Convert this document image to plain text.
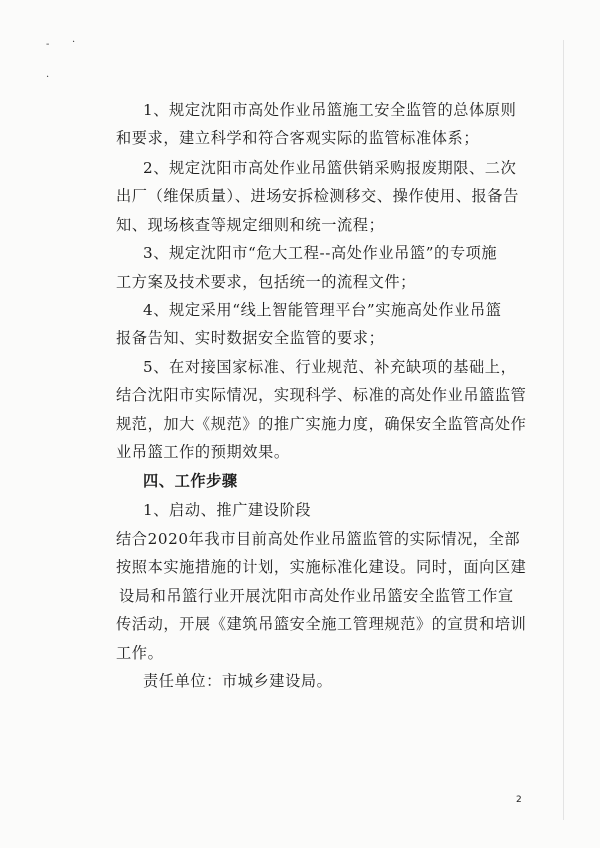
- ·
·
1、规定沈阳市高处作业吊篮施工安全监管的总体原则
和要求，建立科学和符合客观实际的监管标准体系；
2、规定沈阳市高处作业吊篮供销采购报废期限、二次
出厂（维保质量）、进场安拆检测移交、操作使用、报备告
知、现场核查等规定细则和统一流程；
3、规定沈阳市“危大工程--高处作业吊篮”的专项施
工方案及技术要求，包括统一的流程文件；
4、规定采用“线上智能管理平台”实施高处作业吊篮
报备告知、实时数据安全监管的要求；
5、在对接国家标准、行业规范、补充缺项的基础上，
结合沈阳市实际情况，实现科学、标准的高处作业吊篮监管
规范，加大《规范》的推广实施力度，确保安全监管高处作
业吊篮工作的预期效果。
四、工作步骤
1、启动、推广建设阶段
结合2020年我市目前高处作业吊篮监管的实际情况，全部
按照本实施措施的计划，实施标准化建设。同时，面向区建
设局和吊篮行业开展沈阳市高处作业吊篮安全监管工作宣
传活动，开展《建筑吊篮安全施工管理规范》的宣贯和培训
工作。
责任单位：市城乡建设局。
2
